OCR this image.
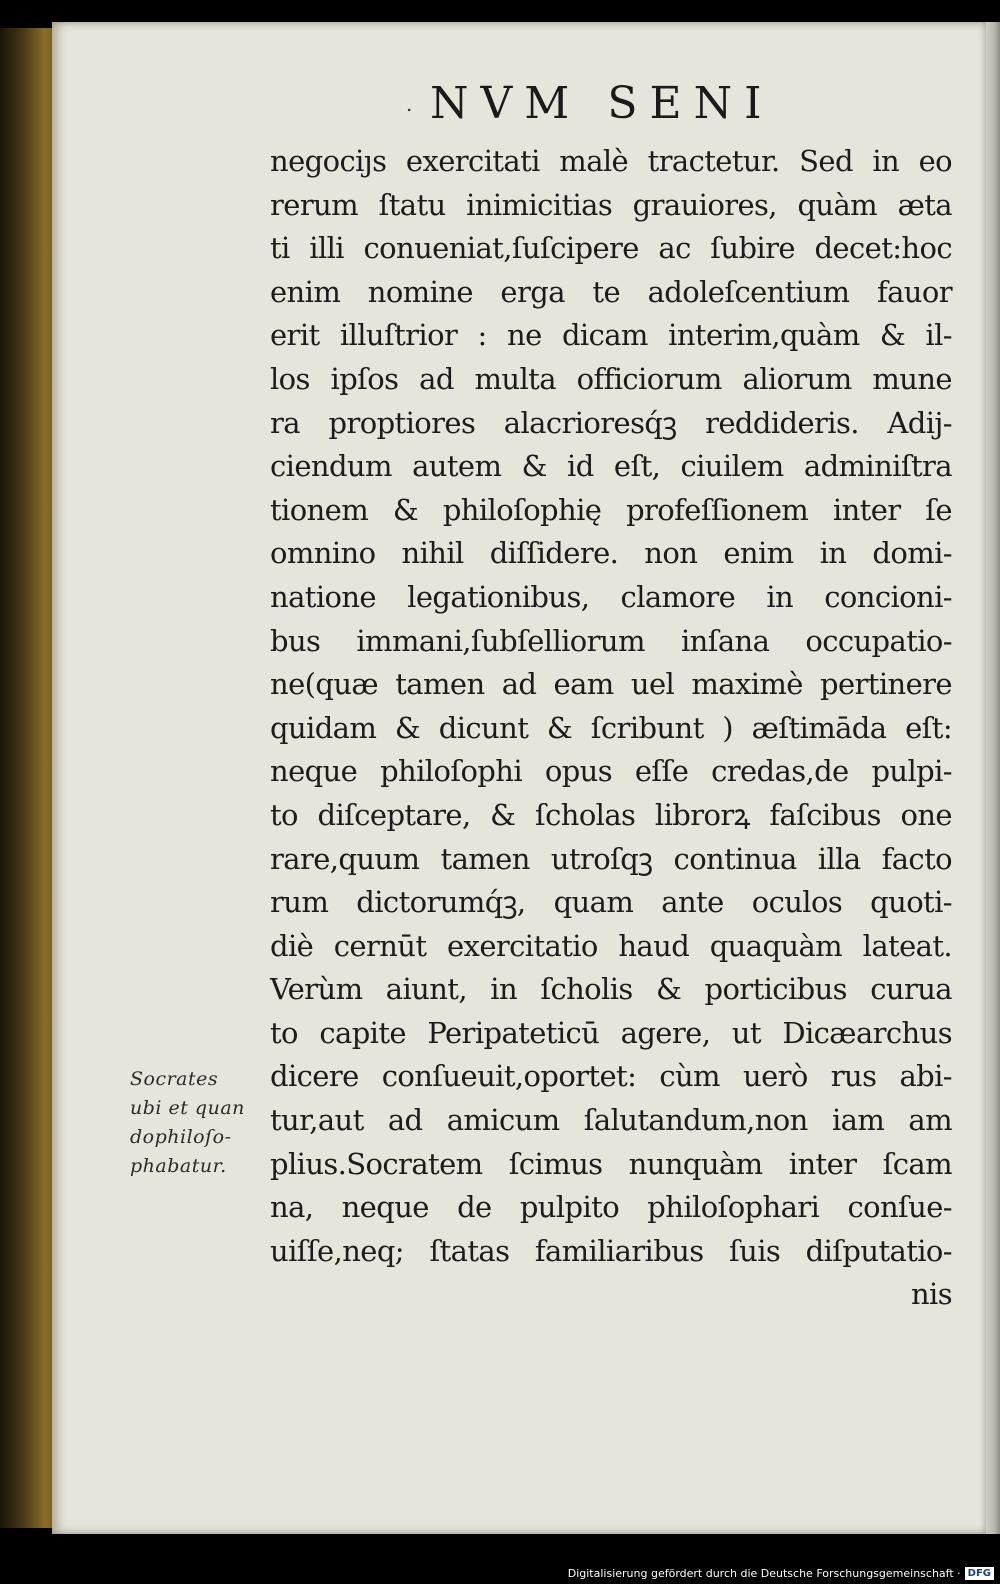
. NVM SENI
negociȷs exercitati malè tractetur. Sed in eo
rerum ſtatu inimicitias grauiores, quàm æta
ti illi conueniat,ſuſcipere ac ſubire decet:hoc
enim nomine erga te adoleſcentium fauor
erit illuſtrior : ne dicam interim,quàm & il-
los ipſos ad multa officiorum aliorum mune
ra proptiores alacrioresq́ꝫ reddideris. Adij-
ciendum autem & id eſt, ciuilem adminiſtra
tionem & philoſophię profeſſionem inter ſe
omnino nihil diſſidere. non enim in domi-
natione legationibus, clamore in concioni-
bus immani,ſubſelliorum inſana occupatio-
ne(quæ tamen ad eam uel maximè pertinere
quidam & dicunt & ſcribunt ) æſtimāda eſt:
neque philoſophi opus eſſe credas,de pulpi-
to diſceptare, & ſcholas librorꝝ faſcibus one
rare,quum tamen utroſqꝫ continua illa facto
rum dictorumq́ꝫ, quam ante oculos quoti-
diè cernūt exercitatio haud quaquàm lateat.
Verùm aiunt, in ſcholis & porticibus curua
to capite Peripateticū agere, ut Dicæarchus
dicere conſueuit,oportet: cùm uerò rus abi-
tur,aut ad amicum ſalutandum,non iam am
plius.Socratem ſcimus nunquàm inter ſcam
na, neque de pulpito philoſophari conſue-
uiſſe,neq; ſtatas familiaribus ſuis diſputatio-
nis
Socrates
ubi et quan
dophiloſo-
phabatur.
Digitalisierung gefördert durch die Deutsche Forschungsgemeinschaft · DFG
